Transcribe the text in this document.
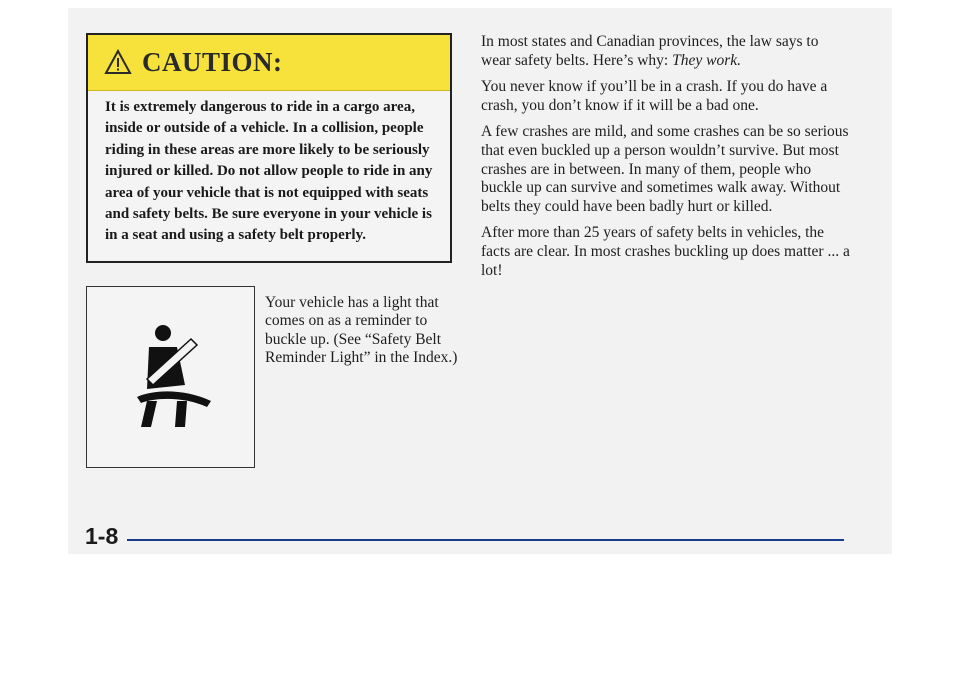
CAUTION:
It is extremely dangerous to ride in a cargo area, inside or outside of a vehicle. In a collision, people riding in these areas are more likely to be seriously injured or killed. Do not allow people to ride in any area of your vehicle that is not equipped with seats and safety belts. Be sure everyone in your vehicle is in a seat and using a safety belt properly.
Your vehicle has a light that comes on as a reminder to buckle up. (See “Safety Belt Reminder Light” in the Index.)

In most states and Canadian provinces, the law says to wear safety belts. Here’s why: They work.

You never know if you’ll be in a crash. If you do have a crash, you don’t know if it will be a bad one.

A few crashes are mild, and some crashes can be so serious that even buckled up a person wouldn’t survive. But most crashes are in between. In many of them, people who buckle up can survive and sometimes walk away. Without belts they could have been badly hurt or killed.

After more than 25 years of safety belts in vehicles, the facts are clear. In most crashes buckling up does matter ... a lot!

1-8
